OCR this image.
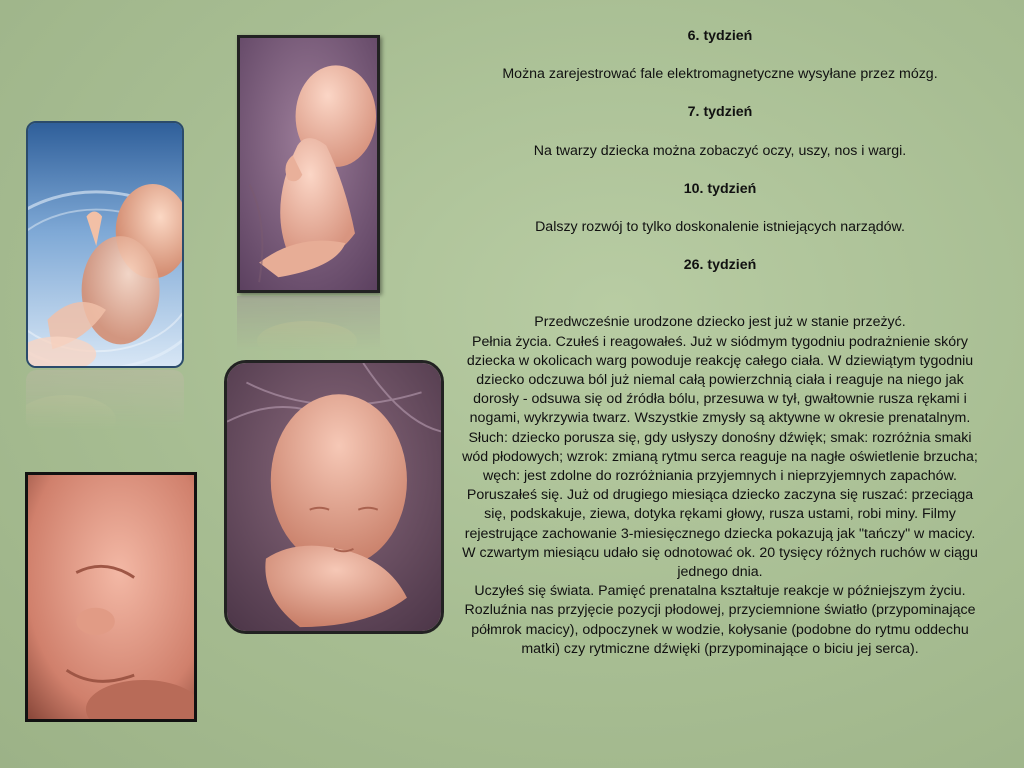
6. tydzień

Można zarejestrować fale elektromagnetyczne wysyłane przez mózg.

7. tydzień

Na twarzy dziecka można zobaczyć oczy, uszy, nos i wargi.

10. tydzień

Dalszy rozwój to tylko doskonalenie istniejących narządów.

26. tydzień

Przedwcześnie urodzone dziecko jest już w stanie przeżyć.

Pełnia życia. Czułeś i reagowałeś. Już w siódmym tygodniu podrażnienie skóry dziecka w okolicach warg powoduje reakcję całego ciała. W dziewiątym tygodniu dziecko odczuwa ból już niemal całą powierzchnią ciała i reaguje na niego jak dorosły - odsuwa się od źródła bólu, przesuwa w tył, gwałtownie rusza rękami i nogami, wykrzywia twarz. Wszystkie zmysły są aktywne w okresie prenatalnym. Słuch: dziecko porusza się, gdy usłyszy donośny dźwięk; smak: rozróżnia smaki wód płodowych; wzrok: zmianą rytmu serca reaguje na nagłe oświetlenie brzucha; węch: jest zdolne do rozróżniania przyjemnych i nieprzyjemnych zapachów.

Poruszałeś się. Już od drugiego miesiąca dziecko zaczyna się ruszać: przeciąga się, podskakuje, ziewa, dotyka rękami głowy, rusza ustami, robi miny. Filmy rejestrujące zachowanie 3-miesięcznego dziecka pokazują jak "tańczy" w macicy. W czwartym miesiącu udało się odnotować ok. 20 tysięcy różnych ruchów w ciągu jednego dnia.

Uczyłeś się świata. Pamięć prenatalna kształtuje reakcje w późniejszym życiu. Rozluźnia nas przyjęcie pozycji płodowej, przyciemnione światło (przypominające półmrok macicy), odpoczynek w wodzie, kołysanie (podobne do rytmu oddechu matki) czy rytmiczne dźwięki (przypominające o biciu jej serca).
